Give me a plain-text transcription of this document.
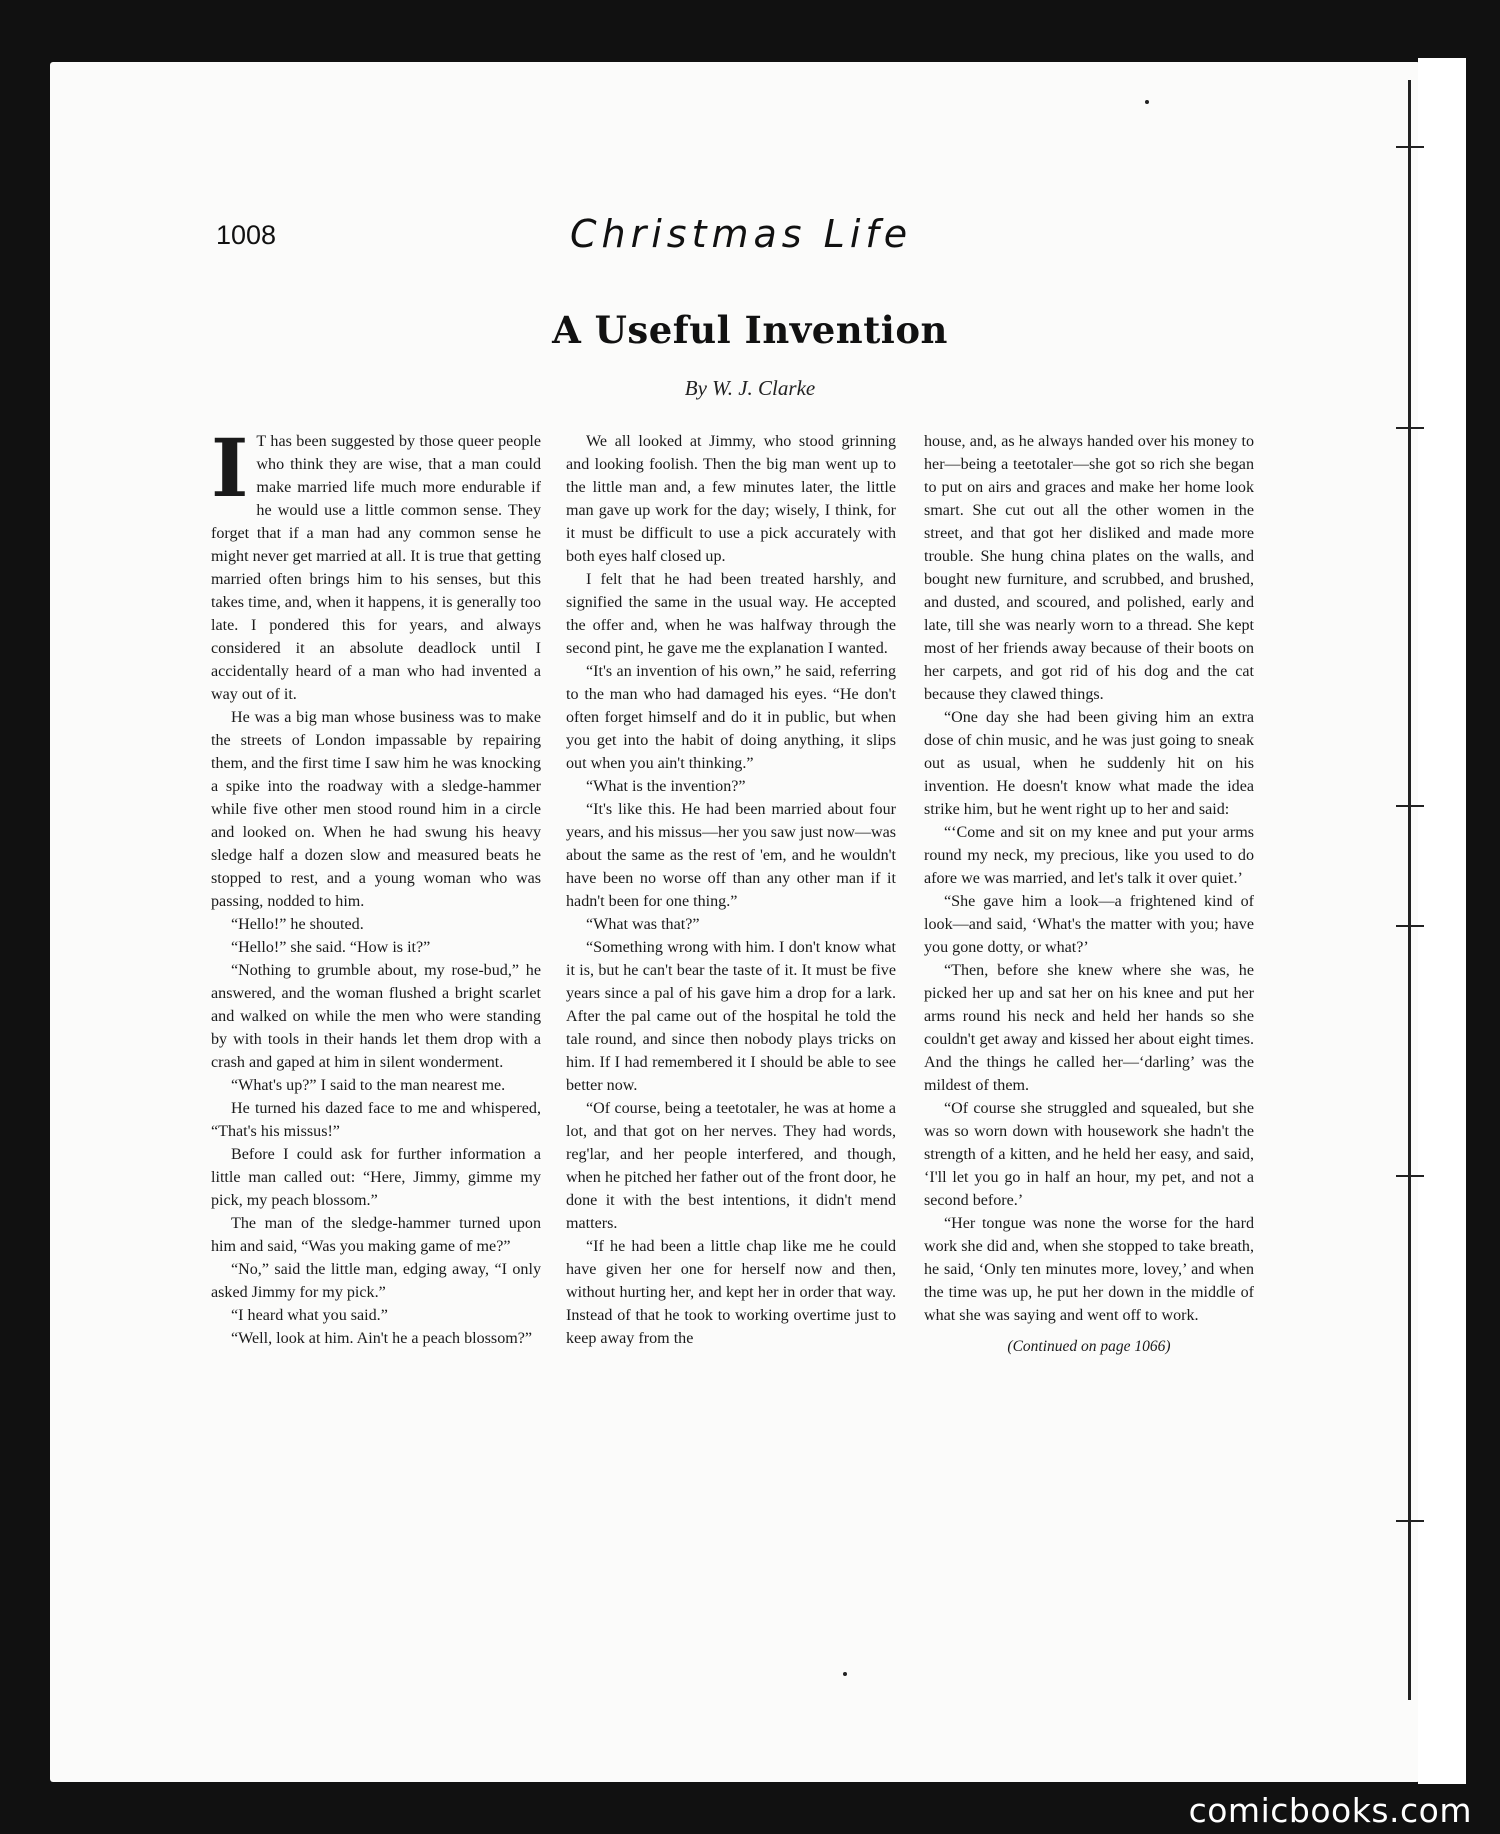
1008	Christmas Life
A Useful Invention
By W. J. Clarke

I T has been suggested by those queer people who think they are wise, that a man could make married life much more endurable if he would use a little common sense. They forget that if a man had any common sense he might never get married at all. It is true that getting married often brings him to his senses, but this takes time, and, when it happens, it is generally too late. I pondered this for years, and always considered it an absolute deadlock until I accidentally heard of a man who had invented a way out of it.

He was a big man whose business was to make the streets of London impassable by repairing them, and the first time I saw him he was knocking a spike into the roadway with a sledge-hammer while five other men stood round him in a circle and looked on. When he had swung his heavy sledge half a dozen slow and measured beats he stopped to rest, and a young woman who was passing, nodded to him.

“Hello!” he shouted.

“Hello!” she said. “How is it?”

“Nothing to grumble about, my rose-bud,” he answered, and the woman flushed a bright scarlet and walked on while the men who were standing by with tools in their hands let them drop with a crash and gaped at him in silent wonderment.

“What's up?” I said to the man nearest me.

He turned his dazed face to me and whispered, “That's his missus!”

Before I could ask for further information a little man called out: “Here, Jimmy, gimme my pick, my peach blossom.”

The man of the sledge-hammer turned upon him and said, “Was you making game of me?”

“No,” said the little man, edging away, “I only asked Jimmy for my pick.”

“I heard what you said.”

“Well, look at him. Ain't he a peach blossom?”

We all looked at Jimmy, who stood grinning and looking foolish. Then the big man went up to the little man and, a few minutes later, the little man gave up work for the day; wisely, I think, for it must be difficult to use a pick accurately with both eyes half closed up.

I felt that he had been treated harshly, and signified the same in the usual way. He accepted the offer and, when he was halfway through the second pint, he gave me the explanation I wanted.

“It's an invention of his own,” he said, referring to the man who had damaged his eyes. “He don't often forget himself and do it in public, but when you get into the habit of doing anything, it slips out when you ain't thinking.”

“What is the invention?”

“It's like this. He had been married about four years, and his missus—her you saw just now—was about the same as the rest of 'em, and he wouldn't have been no worse off than any other man if it hadn't been for one thing.”

“What was that?”

“Something wrong with him. I don't know what it is, but he can't bear the taste of it. It must be five years since a pal of his gave him a drop for a lark. After the pal came out of the hospital he told the tale round, and since then nobody plays tricks on him. If I had remembered it I should be able to see better now.

“Of course, being a teetotaler, he was at home a lot, and that got on her nerves. They had words, reg'lar, and her people interfered, and though, when he pitched her father out of the front door, he done it with the best intentions, it didn't mend matters.

“If he had been a little chap like me he could have given her one for herself now and then, without hurting her, and kept her in order that way. Instead of that he took to working overtime just to keep away from the

house, and, as he always handed over his money to her—being a teetotaler—she got so rich she began to put on airs and graces and make her home look smart. She cut out all the other women in the street, and that got her disliked and made more trouble. She hung china plates on the walls, and bought new furniture, and scrubbed, and brushed, and dusted, and scoured, and polished, early and late, till she was nearly worn to a thread. She kept most of her friends away because of their boots on her carpets, and got rid of his dog and the cat because they clawed things.

“One day she had been giving him an extra dose of chin music, and he was just going to sneak out as usual, when he suddenly hit on his invention. He doesn't know what made the idea strike him, but he went right up to her and said:

“‘Come and sit on my knee and put your arms round my neck, my precious, like you used to do afore we was married, and let's talk it over quiet.’

“She gave him a look—a frightened kind of look—and said, ‘What's the matter with you; have you gone dotty, or what?’

“Then, before she knew where she was, he picked her up and sat her on his knee and put her arms round his neck and held her hands so she couldn't get away and kissed her about eight times. And the things he called her—‘darling’ was the mildest of them.

“Of course she struggled and squealed, but she was so worn down with housework she hadn't the strength of a kitten, and he held her easy, and said, ‘I'll let you go in half an hour, my pet, and not a second before.’

“Her tongue was none the worse for the hard work she did and, when she stopped to take breath, he said, ‘Only ten minutes more, lovey,’ and when the time was up, he put her down in the middle of what she was saying and went off to work.

(Continued on page 1066)
comicbooks.com
